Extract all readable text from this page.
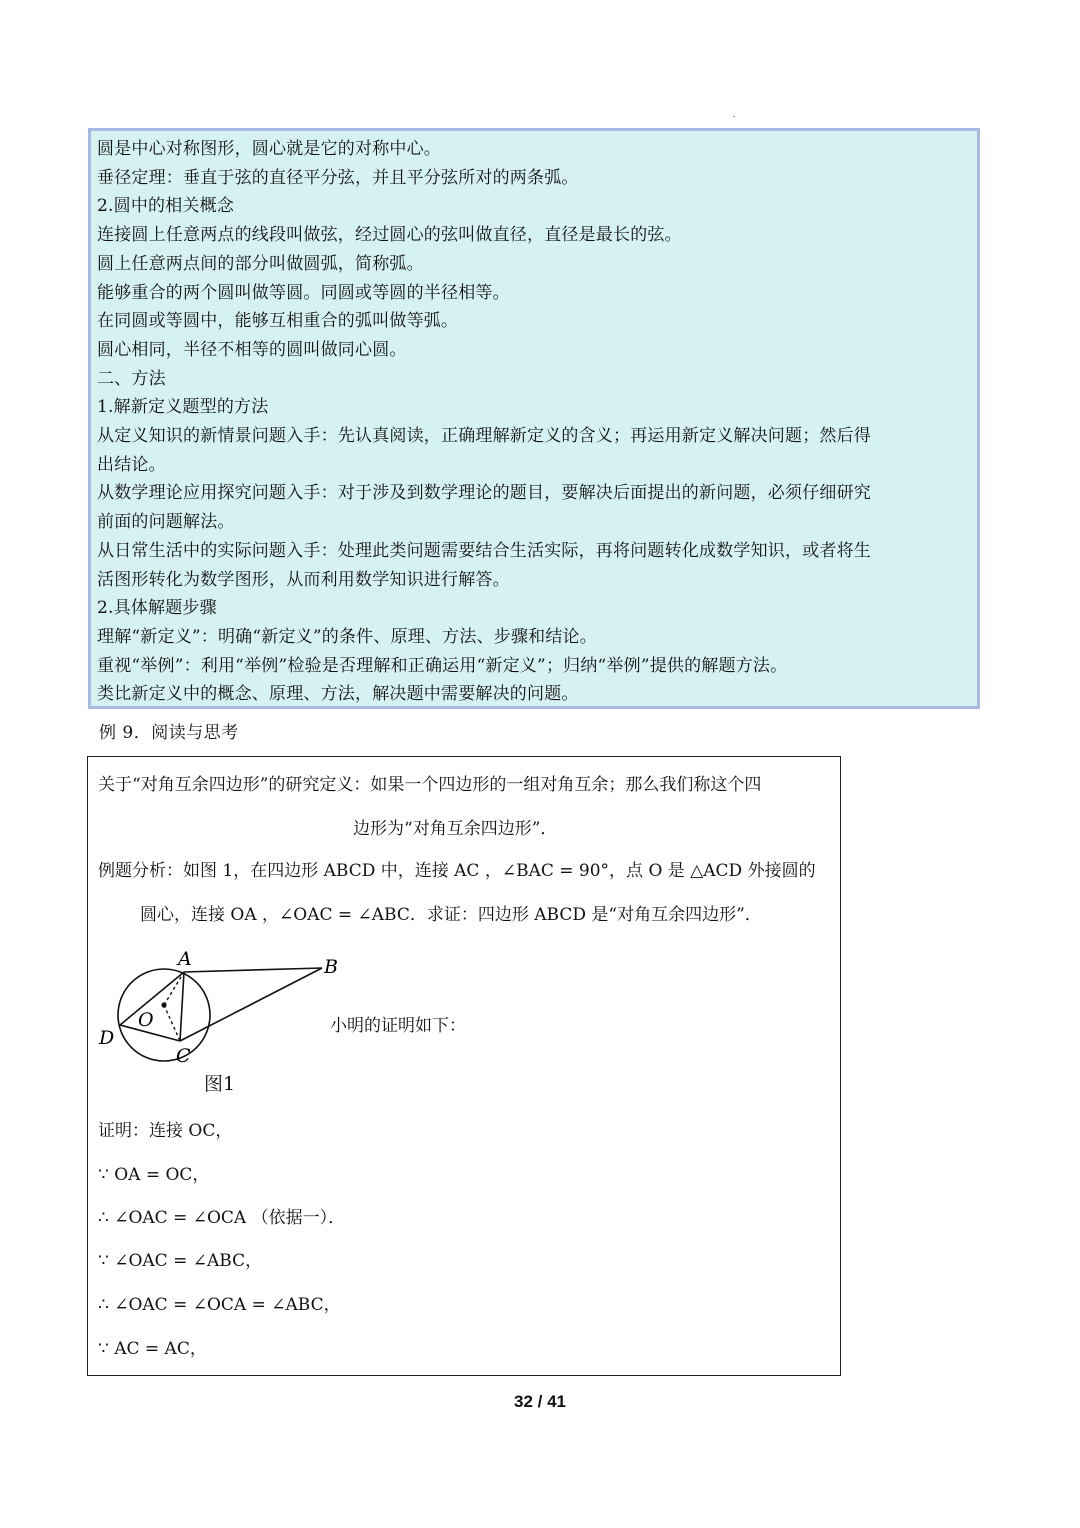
圆是中心对称图形，圆心就是它的对称中心。
垂径定理：垂直于弦的直径平分弦，并且平分弦所对的两条弧。
2.圆中的相关概念
连接圆上任意两点的线段叫做弦，经过圆心的弦叫做直径，直径是最长的弦。
圆上任意两点间的部分叫做圆弧，简称弧。
能够重合的两个圆叫做等圆。同圆或等圆的半径相等。
在同圆或等圆中，能够互相重合的弧叫做等弧。
圆心相同，半径不相等的圆叫做同心圆。
二、方法
1.解新定义题型的方法
从定义知识的新情景问题入手：先认真阅读，正确理解新定义的含义；再运用新定义解决问题；然后得
出结论。
从数学理论应用探究问题入手：对于涉及到数学理论的题目，要解决后面提出的新问题，必须仔细研究
前面的问题解法。
从日常生活中的实际问题入手：处理此类问题需要结合生活实际，再将问题转化成数学知识，或者将生
活图形转化为数学图形，从而利用数学知识进行解答。
2.具体解题步骤
理解“新定义”：明确“新定义”的条件、原理、方法、步骤和结论。
重视“举例”：利用“举例”检验是否理解和正确运用“新定义”；归纳“举例”提供的解题方法。
类比新定义中的概念、原理、方法，解决题中需要解决的问题。
例 9．阅读与思考
关于“对角互余四边形”的研究定义：如果一个四边形的一组对角互余；那么我们称这个四
边形为“对角互余四边形”．
例题分析：如图 1，在四边形 ABCD 中，连接 AC ，∠BAC = 90°，点 O 是 △ACD 外接圆的
圆心，连接 OA ，∠OAC = ∠ABC．求证：四边形 ABCD 是“对角互余四边形”．
A	B
C
D
O
图1
小明的证明如下：
证明：连接 OC，
∵ OA = OC，
∴ ∠OAC = ∠OCA （依据一）．
∵ ∠OAC = ∠ABC，
∴ ∠OAC = ∠OCA = ∠ABC，
∵ AC = AC，
32 / 41
